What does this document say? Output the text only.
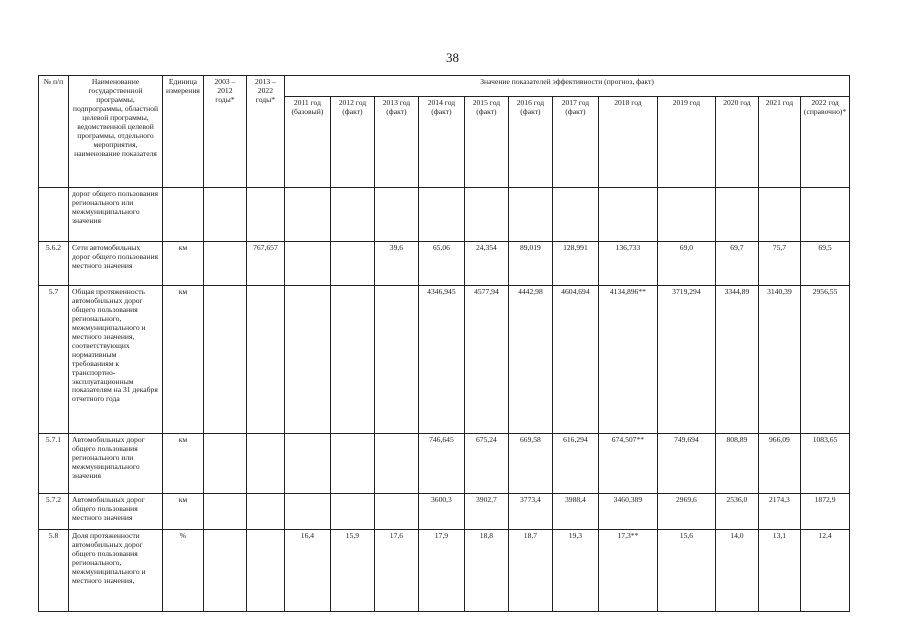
38
№ п/п	Наименование государственной программы, подпрограммы, областной целевой программы, ведомственной целевой программы, отдельного мероприятия, наименование показателя	Единица измерения	2003 – 2012 годы*	2013 – 2022 годы*	Значение показателей эффективности (прогноз, факт)											
					2011 год (базовый)	2012 год (факт)	2013 год (факт)	2014 год (факт)	2015 год (факт)	2016 год (факт)	2017 год (факт)	2018 год	2019 год	2020 год	2021 год	2022 год (справочно)*
	дорог общего пользования регионального или межмуниципального значения															
5.6.2	Сети автомобильных дорог общего пользования местного значения	км		767,657			39,6	65,06	24,354	89,019	128,991	136,733	69,0	69,7	75,7	69,5
5.7	Общая протяженность автомобильных дорог общего пользования регионального, межмуниципального и местного значения, соответствующих нормативным требованиям к транспортно-эксплуатационным показателям на 31 декабря отчетного года	км						4346,945	4577,94	4442,98	4604,694	4134,896**	3719,294	3344,89	3140,39	2956,55
5.7.1	Автомобильных дорог общего пользования регионального или межмуниципального значения	км						746,645	675,24	669,58	616,294	674,507**	749,694	808,89	966,09	1083,65
5.7.2	Автомобильных дорог общего пользования местного значения	км						3600,3	3902,7	3773,4	3988,4	3460,389	2969,6	2536,0	2174,3	1872,9
5.8	Доля протяженности автомобильных дорог общего пользования регионального, межмуниципального и местного значения,	%			16,4	15,9	17,6	17,9	18,8	18,7	19,3	17,3**	15,6	14,0	13,1	12,4
